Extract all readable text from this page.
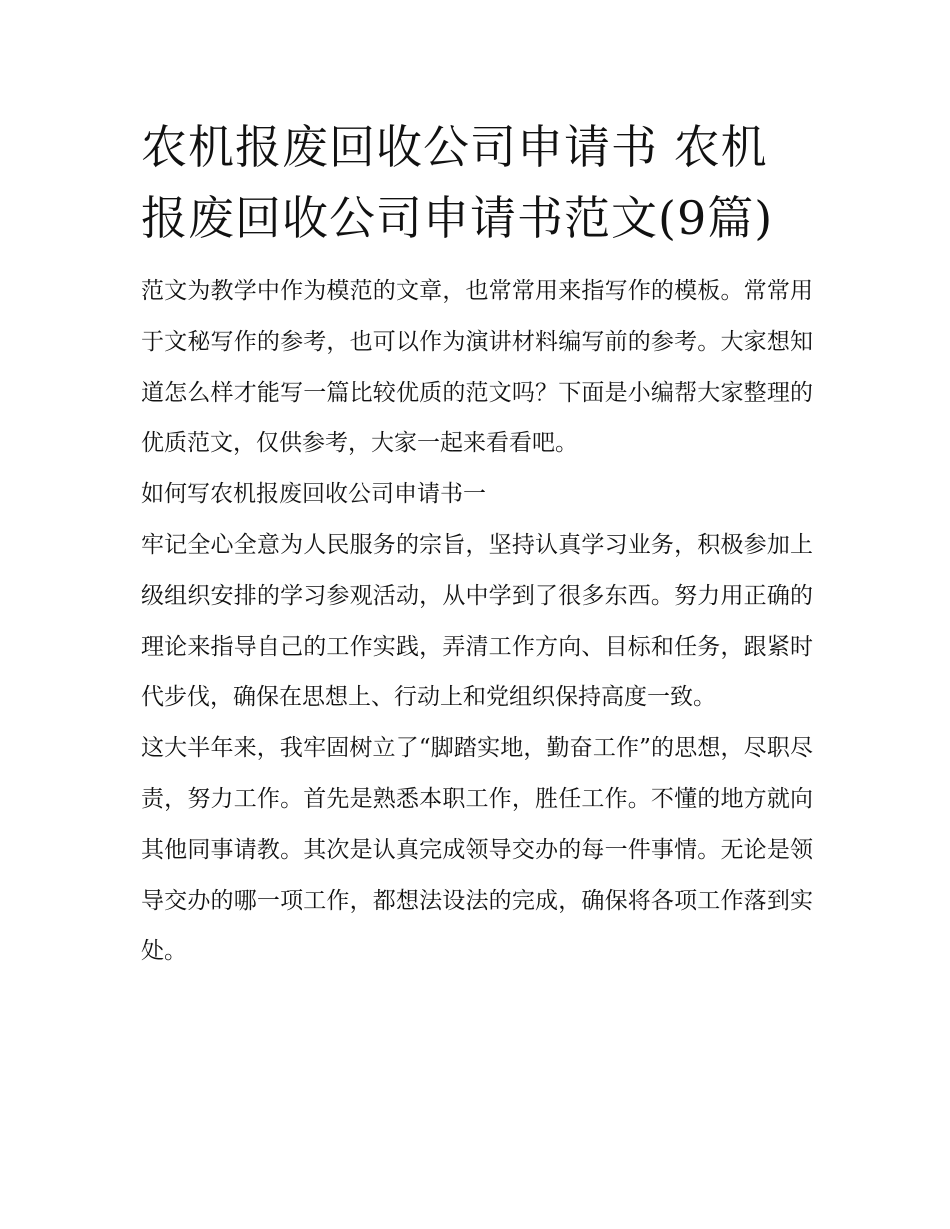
农机报废回收公司申请书 农机报废回收公司申请书范文(9篇)

范文为教学中作为模范的文章，也常常用来指写作的模板。常常用于文秘写作的参考，也可以作为演讲材料编写前的参考。大家想知道怎么样才能写一篇比较优质的范文吗？下面是小编帮大家整理的优质范文，仅供参考，大家一起来看看吧。

如何写农机报废回收公司申请书一

牢记全心全意为人民服务的宗旨，坚持认真学习业务，积极参加上级组织安排的学习参观活动，从中学到了很多东西。努力用正确的理论来指导自己的工作实践，弄清工作方向、目标和任务，跟紧时代步伐，确保在思想上、行动上和党组织保持高度一致。

这大半年来，我牢固树立了“脚踏实地，勤奋工作”的思想，尽职尽责，努力工作。首先是熟悉本职工作，胜任工作。不懂的地方就向其他同事请教。其次是认真完成领导交办的每一件事情。无论是领导交办的哪一项工作，都想法设法的完成，确保将各项工作落到实处。
